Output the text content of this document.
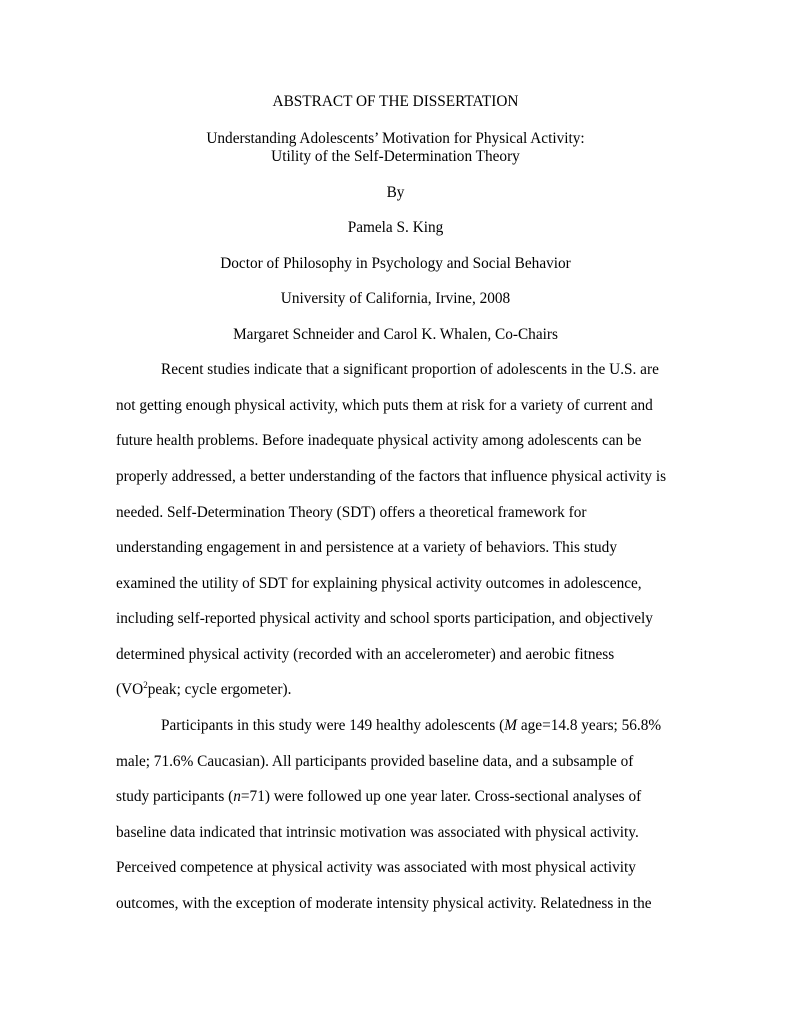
ABSTRACT OF THE DISSERTATION
Understanding Adolescents’ Motivation for Physical Activity:
Utility of the Self-Determination Theory
By
Pamela S. King
Doctor of Philosophy in Psychology and Social Behavior
University of California, Irvine, 2008
Margaret Schneider and Carol K. Whalen, Co-Chairs
Recent studies indicate that a significant proportion of adolescents in the U.S. are
not getting enough physical activity, which puts them at risk for a variety of current and
future health problems. Before inadequate physical activity among adolescents can be
properly addressed, a better understanding of the factors that influence physical activity is
needed. Self-Determination Theory (SDT) offers a theoretical framework for
understanding engagement in and persistence at a variety of behaviors. This study
examined the utility of SDT for explaining physical activity outcomes in adolescence,
including self-reported physical activity and school sports participation, and objectively
determined physical activity (recorded with an accelerometer) and aerobic fitness
($VO^2peak$; cycle ergometer).
Participants in this study were 149 healthy adolescents (M age=14.8 years; 56.8%
male; 71.6% Caucasian). All participants provided baseline data, and a subsample of
study participants (n=71) were followed up one year later. Cross-sectional analyses of
baseline data indicated that intrinsic motivation was associated with physical activity.
Perceived competence at physical activity was associated with most physical activity
outcomes, with the exception of moderate intensity physical activity. Relatedness in the
